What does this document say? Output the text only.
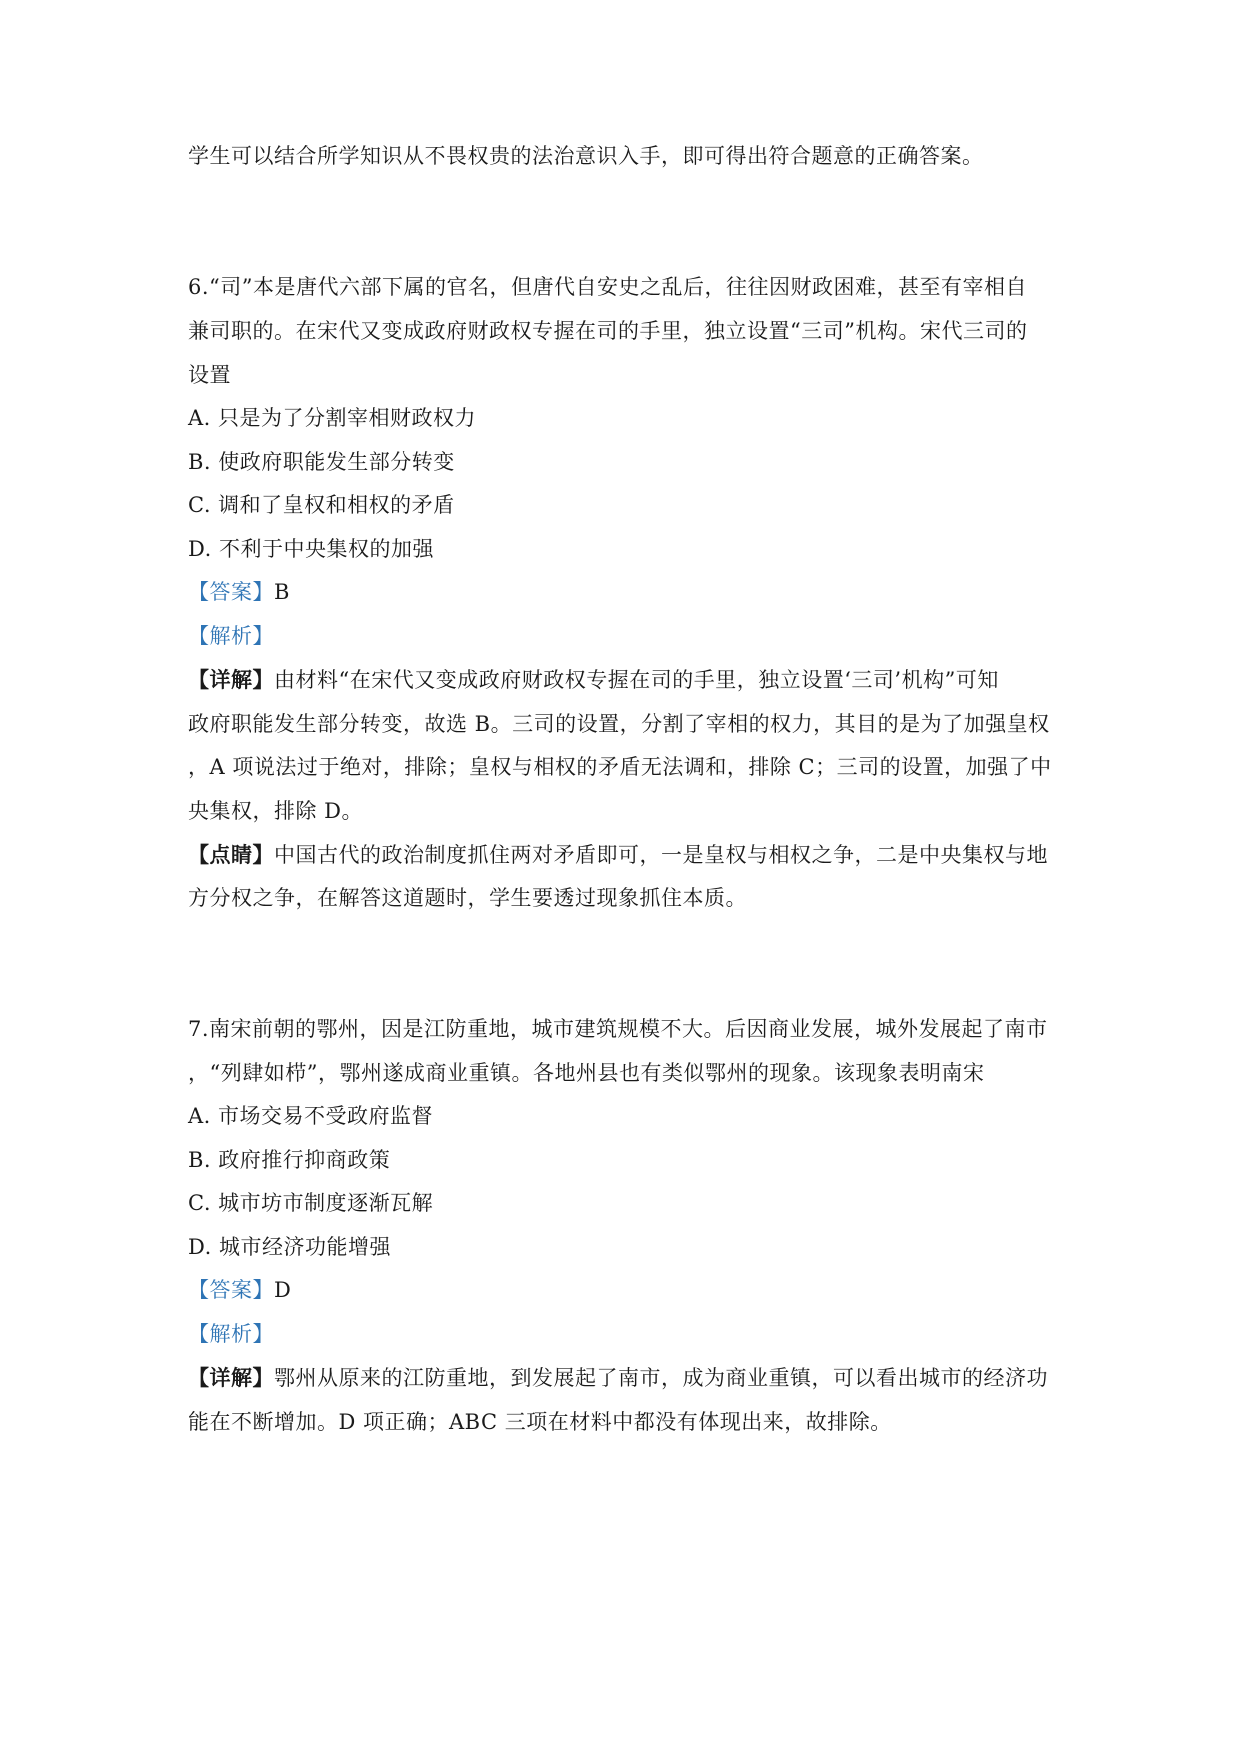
学生可以结合所学知识从不畏权贵的法治意识入手，即可得出符合题意的正确答案。
6.“司”本是唐代六部下属的官名，但唐代自安史之乱后，往往因财政困难，甚至有宰相自
兼司职的。在宋代又变成政府财政权专握在司的手里，独立设置“三司”机构。宋代三司的
设置
A. 只是为了分割宰相财政权力
B. 使政府职能发生部分转变
C. 调和了皇权和相权的矛盾
D. 不利于中央集权的加强
【答案】B
【解析】
【详解】由材料“在宋代又变成政府财政权专握在司的手里，独立设置‘三司’机构”可知
政府职能发生部分转变，故选 B。三司的设置，分割了宰相的权力，其目的是为了加强皇权
，A 项说法过于绝对，排除；皇权与相权的矛盾无法调和，排除 C；三司的设置，加强了中
央集权，排除 D。
【点睛】中国古代的政治制度抓住两对矛盾即可，一是皇权与相权之争，二是中央集权与地
方分权之争，在解答这道题时，学生要透过现象抓住本质。
7.南宋前朝的鄂州，因是江防重地，城市建筑规模不大。后因商业发展，城外发展起了南市
，“列肆如栉”，鄂州遂成商业重镇。各地州县也有类似鄂州的现象。该现象表明南宋
A. 市场交易不受政府监督
B. 政府推行抑商政策
C. 城市坊市制度逐渐瓦解
D. 城市经济功能增强
【答案】D
【解析】
【详解】鄂州从原来的江防重地，到发展起了南市，成为商业重镇，可以看出城市的经济功
能在不断增加。D 项正确；ABC 三项在材料中都没有体现出来，故排除。
